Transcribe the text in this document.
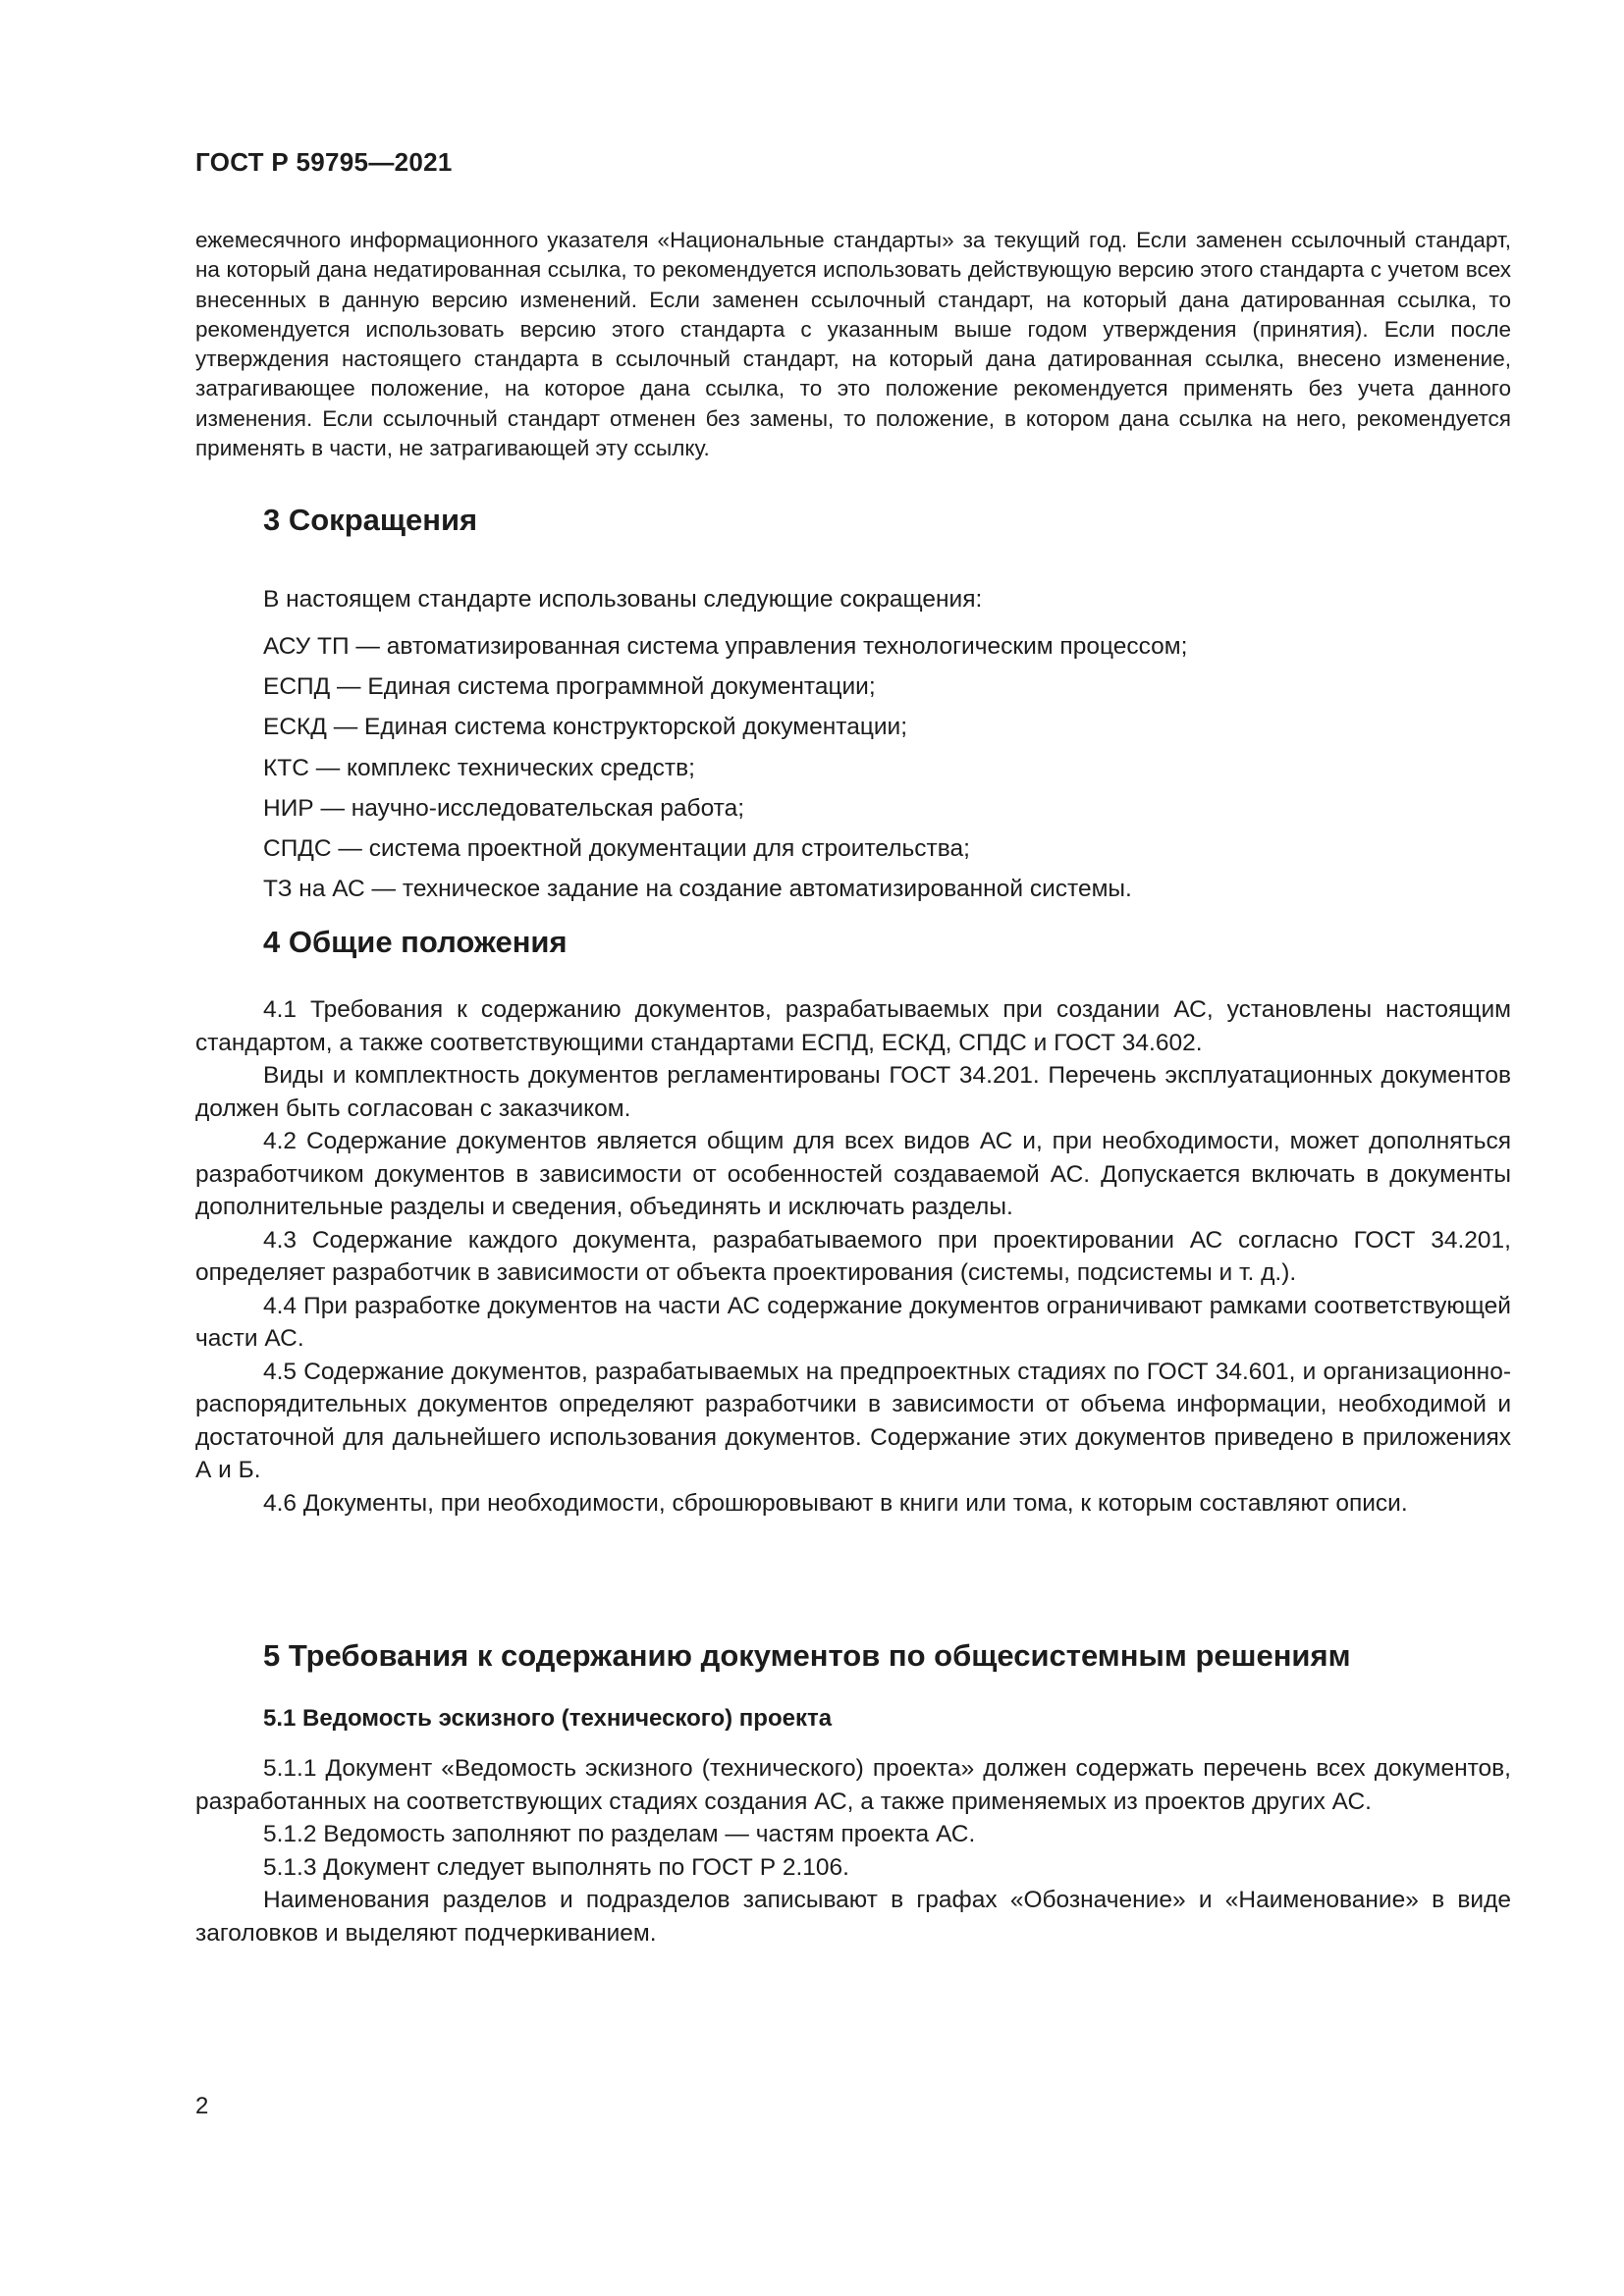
ГОСТ Р 59795—2021

ежемесячного информационного указателя «Национальные стандарты» за текущий год. Если заменен ссылочный стандарт, на который дана недатированная ссылка, то рекомендуется использовать действующую версию этого стандарта с учетом всех внесенных в данную версию изменений. Если заменен ссылочный стандарт, на который дана датированная ссылка, то рекомендуется использовать версию этого стандарта с указанным выше годом утверждения (принятия). Если после утверждения настоящего стандарта в ссылочный стандарт, на который дана датированная ссылка, внесено изменение, затрагивающее положение, на которое дана ссылка, то это положение рекомендуется применять без учета данного изменения. Если ссылочный стандарт отменен без замены, то положение, в котором дана ссылка на него, рекомендуется применять в части, не затрагивающей эту ссылку.

3 Сокращения

В настоящем стандарте использованы следующие сокращения:

АСУ ТП — автоматизированная система управления технологическим процессом;
ЕСПД — Единая система программной документации;
ЕСКД — Единая система конструкторской документации;
КТС — комплекс технических средств;
НИР — научно-исследовательская работа;
СПДС — система проектной документации для строительства;
ТЗ на АС — техническое задание на создание автоматизированной системы.
4 Общие положения

4.1 Требования к содержанию документов, разрабатываемых при создании АС, установлены настоящим стандартом, а также соответствующими стандартами ЕСПД, ЕСКД, СПДС и ГОСТ 34.602.

Виды и комплектность документов регламентированы ГОСТ 34.201. Перечень эксплуатационных документов должен быть согласован с заказчиком.

4.2 Содержание документов является общим для всех видов АС и, при необходимости, может дополняться разработчиком документов в зависимости от особенностей создаваемой АС. Допускается включать в документы дополнительные разделы и сведения, объединять и исключать разделы.

4.3 Содержание каждого документа, разрабатываемого при проектировании АС согласно ГОСТ 34.201, определяет разработчик в зависимости от объекта проектирования (системы, подсистемы и т. д.).

4.4 При разработке документов на части АС содержание документов ограничивают рамками соответствующей части АС.

4.5 Содержание документов, разрабатываемых на предпроектных стадиях по ГОСТ 34.601, и организационно-распорядительных документов определяют разработчики в зависимости от объема информации, необходимой и достаточной для дальнейшего использования документов. Содержание этих документов приведено в приложениях А и Б.

4.6 Документы, при необходимости, сброшюровывают в книги или тома, к которым составляют описи.

5 Требования к содержанию документов по общесистемным решениям
5.1 Ведомость эскизного (технического) проекта

5.1.1 Документ «Ведомость эскизного (технического) проекта» должен содержать перечень всех документов, разработанных на соответствующих стадиях создания АС, а также применяемых из проектов других АС.

5.1.2 Ведомость заполняют по разделам — частям проекта АС.

5.1.3 Документ следует выполнять по ГОСТ Р 2.106.

Наименования разделов и подразделов записывают в графах «Обозначение» и «Наименование» в виде заголовков и выделяют подчеркиванием.

2
